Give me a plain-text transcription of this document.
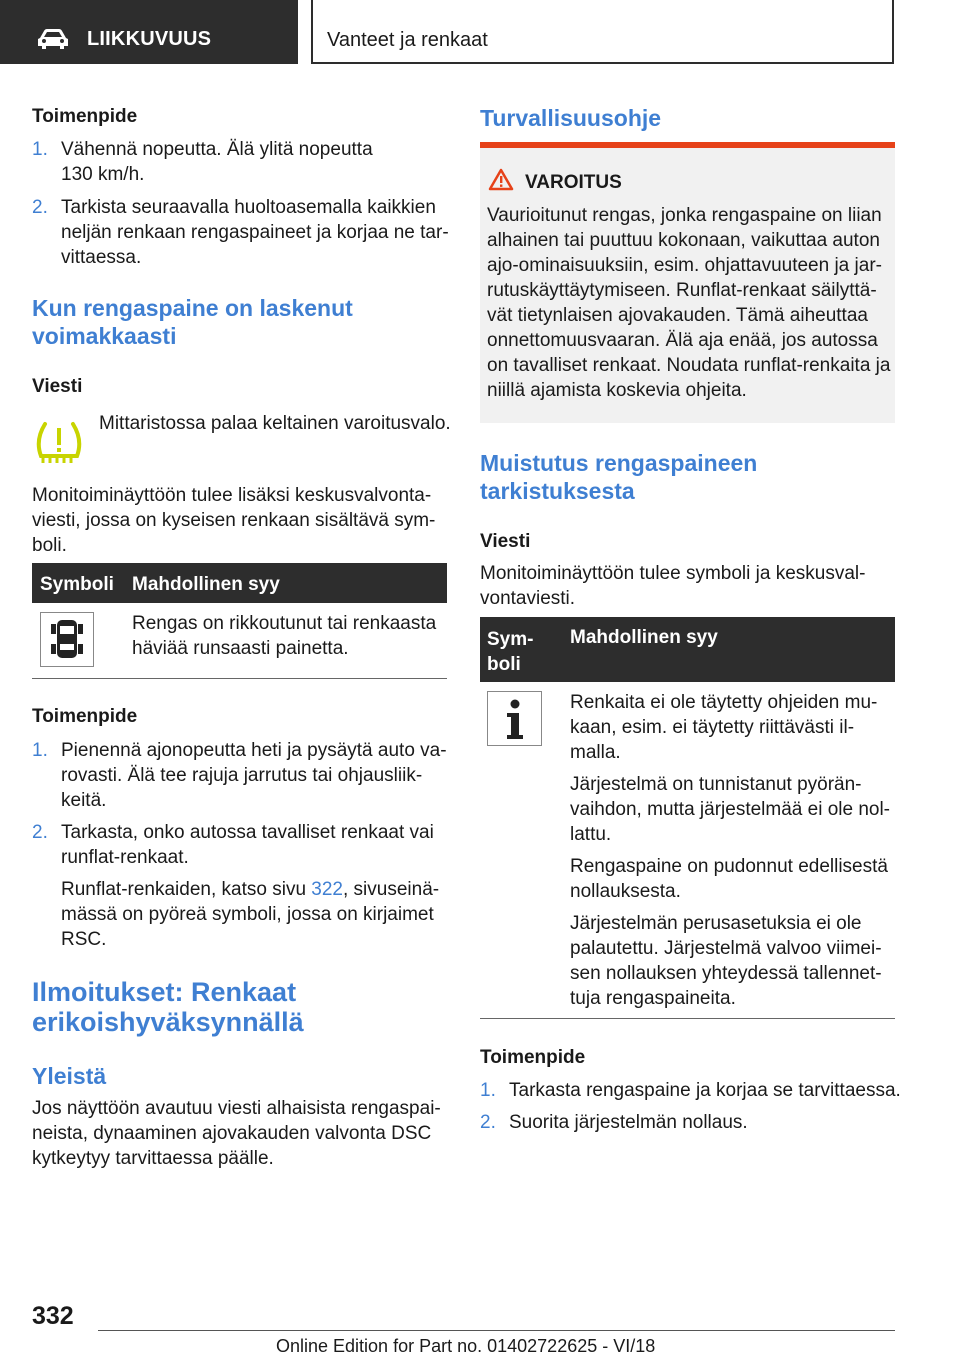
LIIKKUVUUS	Vanteet ja renkaat
Toimenpide
1. Vähennä nopeutta. Älä ylitä nopeutta
130 km/h.
2. Tarkista seuraavalla huoltoasemalla kaikkien
neljän renkaan rengaspaineet ja korjaa ne tar-
vittaessa.
Kun rengaspaine on laskenut
voimakkaasti
Viesti
Mittaristossa palaa keltainen varoitusvalo.
Monitoiminäyttöön tulee lisäksi keskusvalvonta-
viesti, jossa on kyseisen renkaan sisältävä sym-
boli.
Symboli Mahdollinen syy
Rengas on rikkoutunut tai renkaasta
häviää runsaasti painetta.
Toimenpide
1. Pienennä ajonopeutta heti ja pysäytä auto va-
rovasti. Älä tee rajuja jarrutus tai ohjausliik-
keitä.
2. Tarkasta, onko autossa tavalliset renkaat vai
runflat-renkaat.
Runflat-renkaiden, katso sivu 322, sivuseinä-
mässä on pyöreä symboli, jossa on kirjaimet
RSC.
Ilmoitukset: Renkaat
erikoishyväksynnällä
Yleistä
Jos näyttöön avautuu viesti alhaisista rengaspai-
neista, dynaaminen ajovakauden valvonta DSC
kytkeytyy tarvittaessa päälle.
Turvallisuusohje
VAROITUS
Vaurioitunut rengas, jonka rengaspaine on liian
alhainen tai puuttuu kokonaan, vaikuttaa auton
ajo-ominaisuuksiin, esim. ohjattavuuteen ja jar-
rutuskäyttäytymiseen. Runflat-renkaat säilyttä-
vät tietynlaisen ajovakauden. Tämä aiheuttaa
onnettomuusvaaran. Älä aja enää, jos autossa
on tavalliset renkaat. Noudata runflat-renkaita ja
niillä ajamista koskevia ohjeita.
Muistutus rengaspaineen
tarkistuksesta
Viesti
Monitoiminäyttöön tulee symboli ja keskusval-
vontaviesti.
Sym-
boli
Mahdollinen syy
Renkaita ei ole täytetty ohjeiden mu-
kaan, esim. ei täytetty riittävästi il-
malla.
Järjestelmä on tunnistanut pyörän-
vaihdon, mutta järjestelmää ei ole nol-
lattu.
Rengaspaine on pudonnut edellisestä
nollauksesta.
Järjestelmän perusasetuksia ei ole
palautettu. Järjestelmä valvoo viimei-
sen nollauksen yhteydessä tallennet-
tuja rengaspaineita.
Toimenpide
1. Tarkasta rengaspaine ja korjaa se tarvittaessa.
2. Suorita järjestelmän nollaus.
332
Online Edition for Part no. 01402722625 - VI/18
